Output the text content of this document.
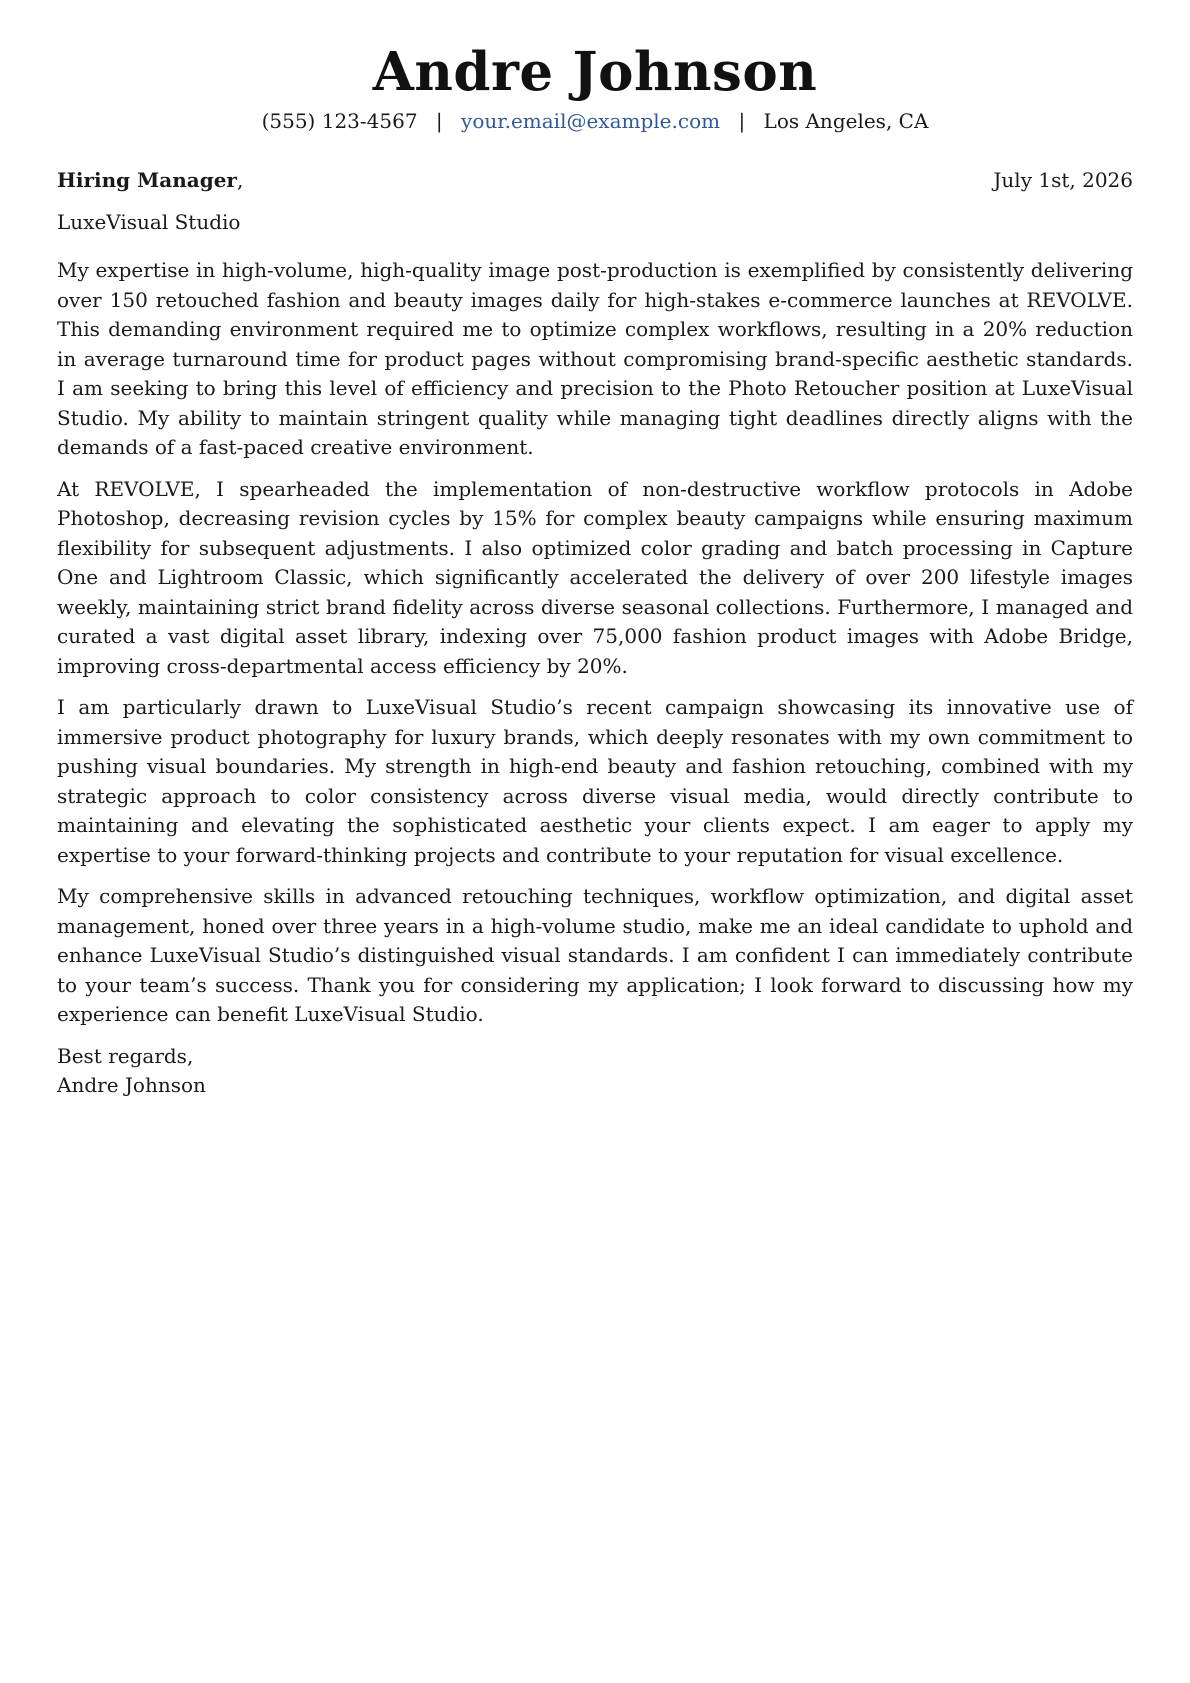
Andre Johnson
(555) 123-4567 | your.email@example.com | Los Angeles, CA
Hiring Manager,	July 1st, 2026
LuxeVisual Studio

My expertise in high-volume, high-quality image post-production is exemplified by consistently delivering over 150 retouched fashion and beauty images daily for high-stakes e-commerce launches at REVOLVE. This demanding environment required me to optimize complex workflows, resulting in a 20% reduction in average turnaround time for product pages without compromising brand-specific aesthetic standards. I am seeking to bring this level of efficiency and precision to the Photo Retoucher position at LuxeVisual Studio. My ability to maintain stringent quality while managing tight deadlines directly aligns with the demands of a fast-paced creative environment.

At REVOLVE, I spearheaded the implementation of non-destructive workflow protocols in Adobe Photoshop, decreasing revision cycles by 15% for complex beauty campaigns while ensuring maximum flexibility for subsequent adjustments. I also optimized color grading and batch processing in Capture One and Lightroom Classic, which significantly accelerated the delivery of over 200 lifestyle images weekly, maintaining strict brand fidelity across diverse seasonal collections. Furthermore, I managed and curated a vast digital asset library, indexing over 75,000 fashion product images with Adobe Bridge, improving cross-departmental access efficiency by 20%.

I am particularly drawn to LuxeVisual Studio’s recent campaign showcasing its innovative use of immersive product photography for luxury brands, which deeply resonates with my own commitment to pushing visual boundaries. My strength in high-end beauty and fashion retouching, combined with my strategic approach to color consistency across diverse visual media, would directly contribute to maintaining and elevating the sophisticated aesthetic your clients expect. I am eager to apply my expertise to your forward-thinking projects and contribute to your reputation for visual excellence.

My comprehensive skills in advanced retouching techniques, workflow optimization, and digital asset management, honed over three years in a high-volume studio, make me an ideal candidate to uphold and enhance LuxeVisual Studio’s distinguished visual standards. I am confident I can immediately contribute to your team’s success. Thank you for considering my application; I look forward to discussing how my experience can benefit LuxeVisual Studio.

Best regards,
Andre Johnson
